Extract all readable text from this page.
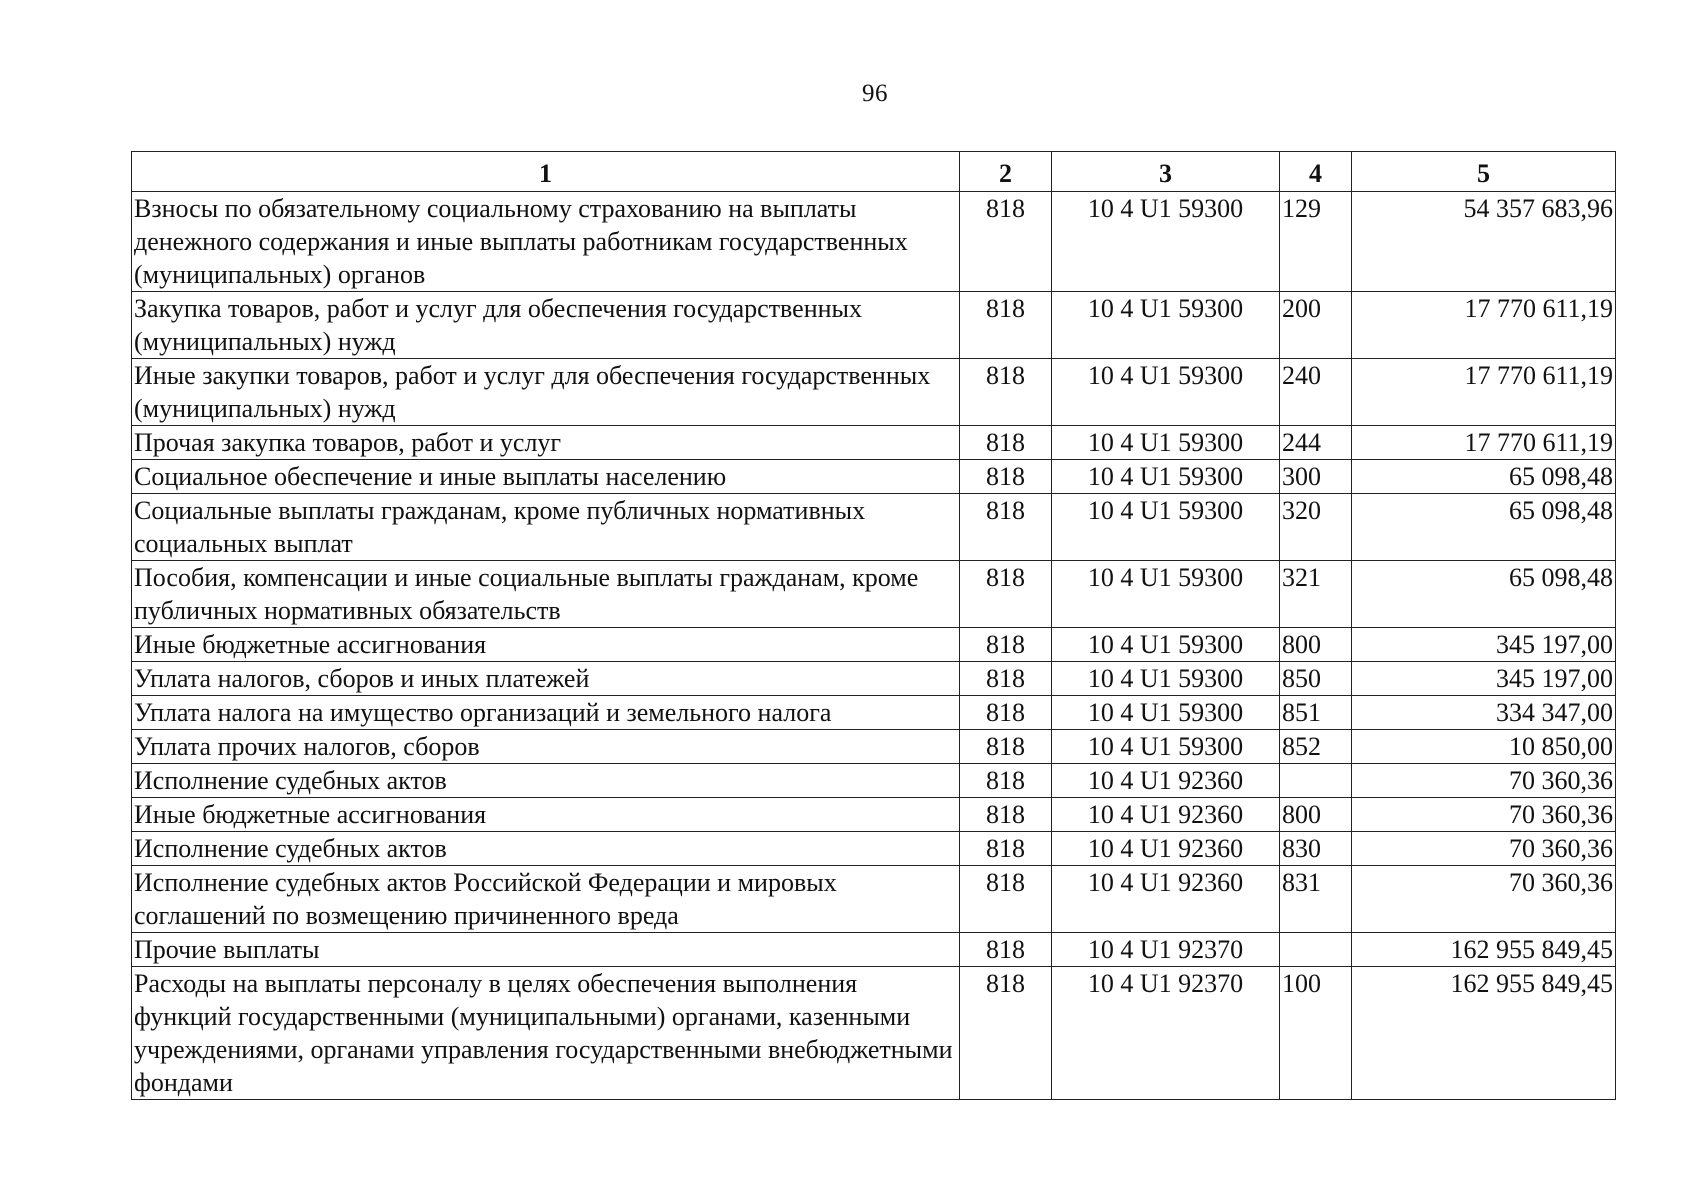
96
1	2	3	4	5
Взносы по обязательному социальному страхованию на выплаты денежного содержания и иные выплаты работникам государственных (муниципальных) органов	818	10 4 U1 59300	129	54 357 683,96
Закупка товаров, работ и услуг для обеспечения государственных (муниципальных) нужд	818	10 4 U1 59300	200	17 770 611,19
Иные закупки товаров, работ и услуг для обеспечения государственных (муниципальных) нужд	818	10 4 U1 59300	240	17 770 611,19
Прочая закупка товаров, работ и услуг	818	10 4 U1 59300	244	17 770 611,19
Социальное обеспечение и иные выплаты населению	818	10 4 U1 59300	300	65 098,48
Социальные выплаты гражданам, кроме публичных нормативных социальных выплат	818	10 4 U1 59300	320	65 098,48
Пособия, компенсации и иные социальные выплаты гражданам, кроме публичных нормативных обязательств	818	10 4 U1 59300	321	65 098,48
Иные бюджетные ассигнования	818	10 4 U1 59300	800	345 197,00
Уплата налогов, сборов и иных платежей	818	10 4 U1 59300	850	345 197,00
Уплата налога на имущество организаций и земельного налога	818	10 4 U1 59300	851	334 347,00
Уплата прочих налогов, сборов	818	10 4 U1 59300	852	10 850,00
Исполнение судебных актов	818	10 4 U1 92360		70 360,36
Иные бюджетные ассигнования	818	10 4 U1 92360	800	70 360,36
Исполнение судебных актов	818	10 4 U1 92360	830	70 360,36
Исполнение судебных актов Российской Федерации и мировых соглашений по возмещению причиненного вреда	818	10 4 U1 92360	831	70 360,36
Прочие выплаты	818	10 4 U1 92370		162 955 849,45
Расходы на выплаты персоналу в целях обеспечения выполнения функций государственными (муниципальными) органами, казенными учреждениями, органами управления государственными внебюджетными фондами	818	10 4 U1 92370	100	162 955 849,45
